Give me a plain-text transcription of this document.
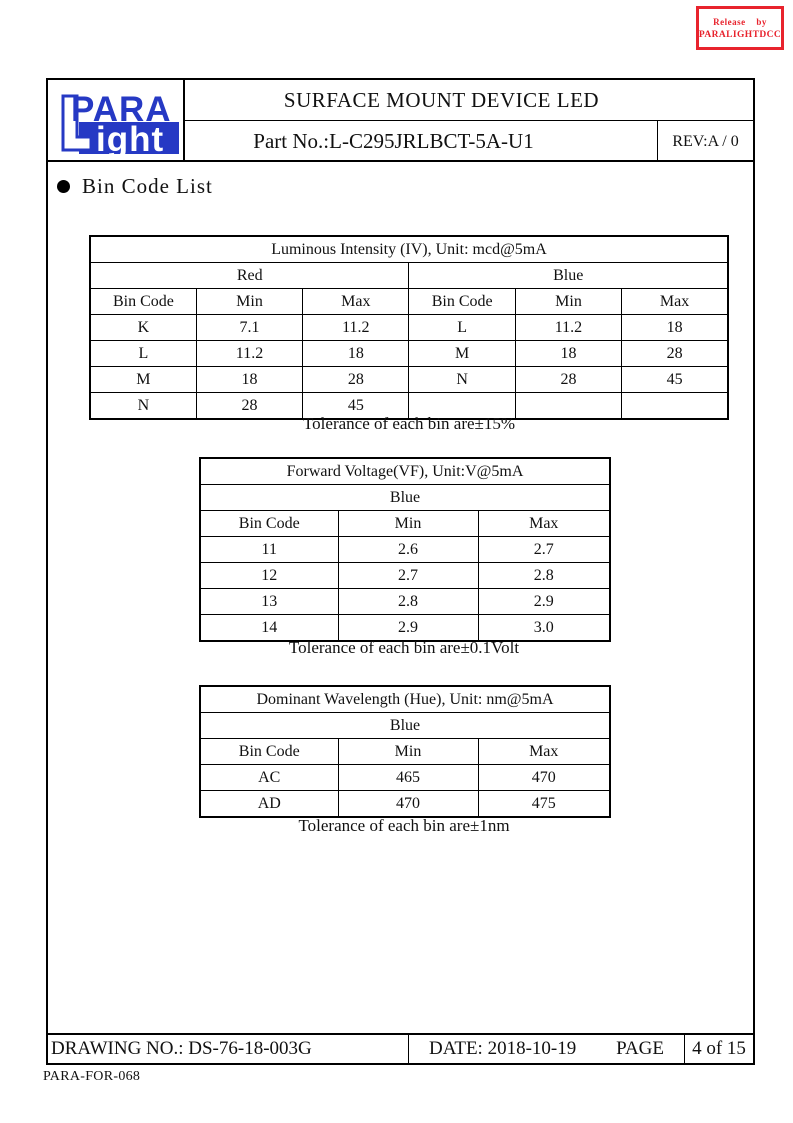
Release by
PARALIGHTDCC
PARA
ight
SURFACE MOUNT DEVICE LED
Part No.:L-C295JRLBCT-5A-U1	REV:A / 0
Bin Code List
Luminous Intensity (IV), Unit: mcd@5mA					
Red			Blue		
Bin Code	Min	Max	Bin Code	Min	Max
K	7.1	11.2	L	11.2	18
L	11.2	18	M	18	28
M	18	28	N	28	45
N	28	45			
Tolerance of each bin are±15%
Forward Voltage(VF), Unit:V@5mA		
Blue		
Bin Code	Min	Max
11	2.6	2.7
12	2.7	2.8
13	2.8	2.9
14	2.9	3.0
Tolerance of each bin are±0.1Volt
Dominant Wavelength (Hue), Unit: nm@5mA		
Blue		
Bin Code	Min	Max
AC	465	470
AD	470	475
Tolerance of each bin are±1nm
DRAWING NO.: DS-76-18-003G	DATE: 2018-10-19 PAGE	4 of 15
PARA-FOR-068
